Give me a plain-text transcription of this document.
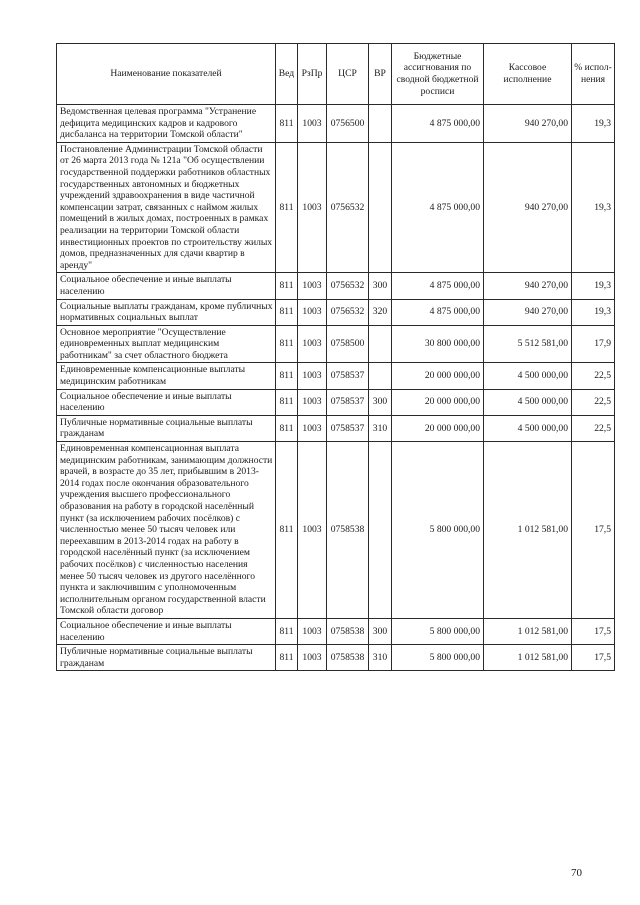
Наименование показателей	Вед	РзПр	ЦСР	ВР	Бюджетные ассигнования по сводной бюджетной росписи	Кассовое исполнение	% испол-нения
Ведомственная целевая программа "Устранение дефицита медицинских кадров и кадрового дисбаланса на территории Томской области"	811	1003	0756500		4 875 000,00	940 270,00	19,3
Постановление Администрации Томской области от 26 марта 2013 года № 121а "Об осуществлении государственной поддержки работников областных государственных автономных и бюджетных учреждений здравоохранения в виде частичной компенсации затрат, связанных с наймом жилых помещений в жилых домах, построенных в рамках реализации на территории Томской области инвестиционных проектов по строительству жилых домов, предназначенных для сдачи квартир в аренду"	811	1003	0756532		4 875 000,00	940 270,00	19,3
Социальное обеспечение и иные выплаты населению	811	1003	0756532	300	4 875 000,00	940 270,00	19,3
Социальные выплаты гражданам, кроме публичных нормативных социальных выплат	811	1003	0756532	320	4 875 000,00	940 270,00	19,3
Основное мероприятие "Осуществление единовременных выплат медицинским работникам" за счет областного бюджета	811	1003	0758500		30 800 000,00	5 512 581,00	17,9
Единовременные компенсационные выплаты медицинским работникам	811	1003	0758537		20 000 000,00	4 500 000,00	22,5
Социальное обеспечение и иные выплаты населению	811	1003	0758537	300	20 000 000,00	4 500 000,00	22,5
Публичные нормативные социальные выплаты гражданам	811	1003	0758537	310	20 000 000,00	4 500 000,00	22,5
Единовременная компенсационная выплата медицинским работникам, занимающим должности врачей, в возрасте до 35 лет, прибывшим в 2013-2014 годах после окончания образовательного учреждения высшего профессионального образования на работу в городской населённый пункт (за исключением рабочих посёлков) с численностью менее 50 тысяч человек или переехавшим в 2013-2014 годах на работу в городской населённый пункт (за исключением рабочих посёлков) с численностью населения менее 50 тысяч человек из другого населённого пункта и заключившим с уполномоченным исполнительным органом государственной власти Томской области договор	811	1003	0758538		5 800 000,00	1 012 581,00	17,5
Социальное обеспечение и иные выплаты населению	811	1003	0758538	300	5 800 000,00	1 012 581,00	17,5
Публичные нормативные социальные выплаты гражданам	811	1003	0758538	310	5 800 000,00	1 012 581,00	17,5
70
